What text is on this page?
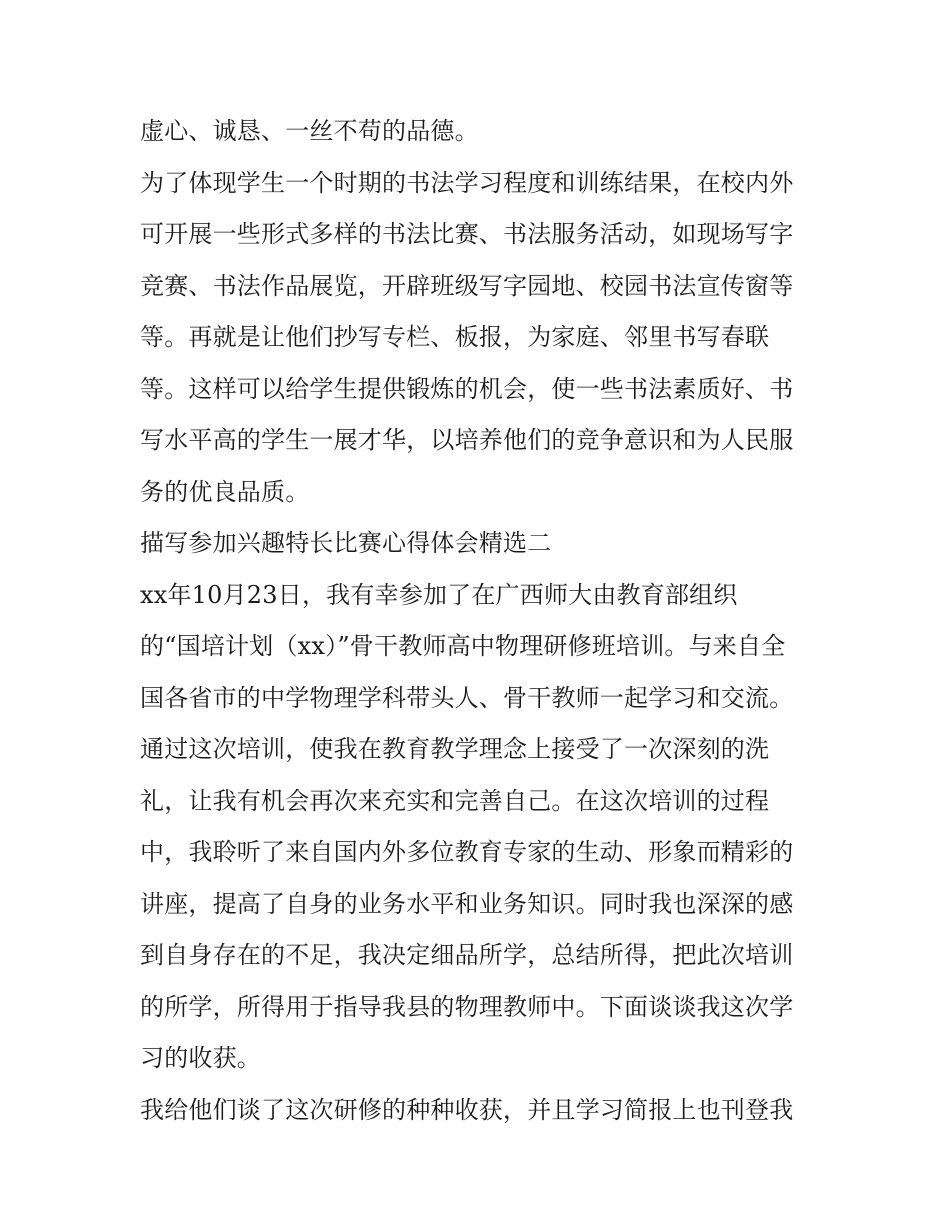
虚心、诚恳、一丝不苟的品德。
为了体现学生一个时期的书法学习程度和训练结果，在校内外
可开展一些形式多样的书法比赛、书法服务活动，如现场写字
竞赛、书法作品展览，开辟班级写字园地、校园书法宣传窗等
等。再就是让他们抄写专栏、板报，为家庭、邻里书写春联
等。这样可以给学生提供锻炼的机会，使一些书法素质好、书
写水平高的学生一展才华，以培养他们的竞争意识和为人民服
务的优良品质。
描写参加兴趣特长比赛心得体会精选二
xx年10月23日，我有幸参加了在广西师大由教育部组织
的“国培计划（xx）”骨干教师高中物理研修班培训。与来自全
国各省市的中学物理学科带头人、骨干教师一起学习和交流。
通过这次培训，使我在教育教学理念上接受了一次深刻的洗
礼，让我有机会再次来充实和完善自己。在这次培训的过程
中，我聆听了来自国内外多位教育专家的生动、形象而精彩的
讲座，提高了自身的业务水平和业务知识。同时我也深深的感
到自身存在的不足，我决定细品所学，总结所得，把此次培训
的所学，所得用于指导我县的物理教师中。下面谈谈我这次学
习的收获。
我给他们谈了这次研修的种种收获，并且学习简报上也刊登我
